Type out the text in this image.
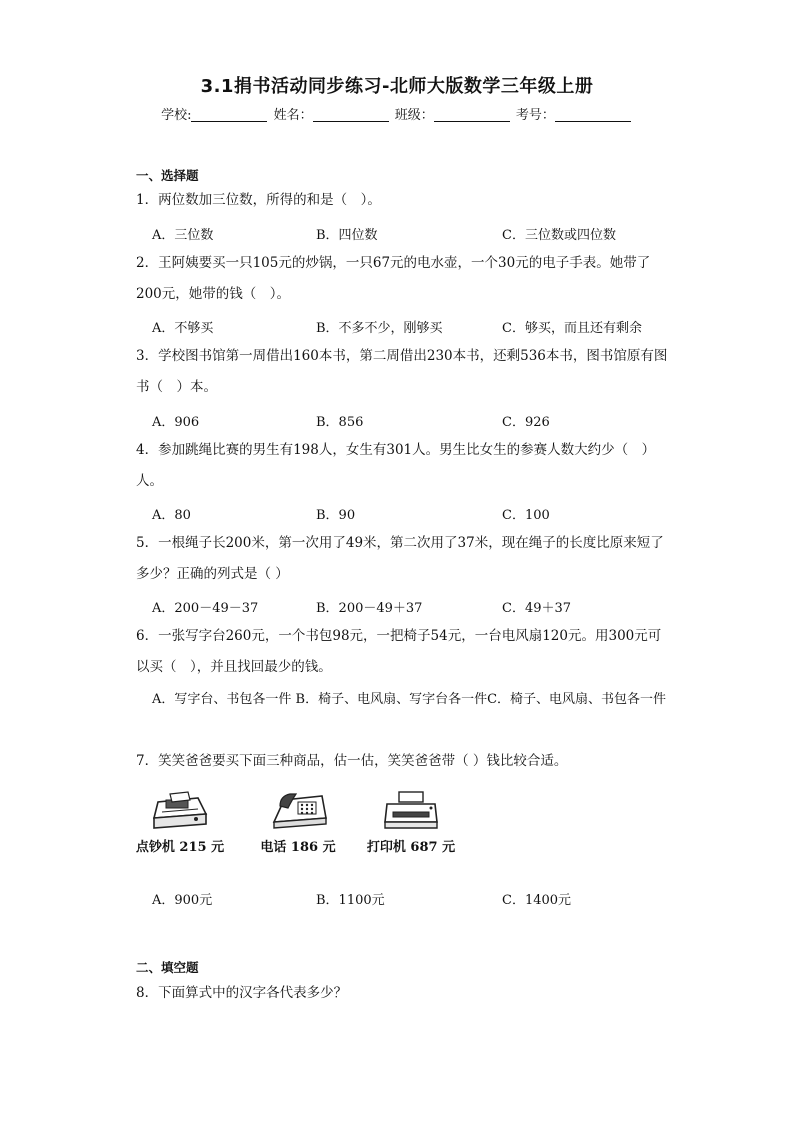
3.1捐书活动同步练习-北师大版数学三年级上册
学校:	姓名：	班级：	考号：
一、选择题
1．两位数加三位数，所得的和是（　）。
A．三位数	B．四位数	C．三位数或四位数
2．王阿姨要买一只105元的炒锅，一只67元的电水壶，一个30元的电子手表。她带了200元，她带的钱（　）。
A．不够买	B．不多不少，刚够买	C．够买，而且还有剩余
3．学校图书馆第一周借出160本书，第二周借出230本书，还剩536本书，图书馆原有图书（　）本。
A．906	B．856	C．926
4．参加跳绳比赛的男生有198人，女生有301人。男生比女生的参赛人数大约少（　）人。
A．80	B．90	C．100
5．一根绳子长200米，第一次用了49米，第二次用了37米，现在绳子的长度比原来短了多少？正确的列式是（ ）
A．200－49－37	B．200－49＋37	C．49＋37
6．一张写字台260元，一个书包98元，一把椅子54元，一台电风扇120元。用300元可以买（　），并且找回最少的钱。
A．写字台、书包各一件 B．椅子、电风扇、写字台各一件C．椅子、电风扇、书包各一件
7．笑笑爸爸要买下面三种商品，估一估，笑笑爸爸带（ ）钱比较合适。
点钞机 215 元	电话 186 元	打印机 687 元
A．900元	B．1100元	C．1400元
二、填空题
8．下面算式中的汉字各代表多少？
